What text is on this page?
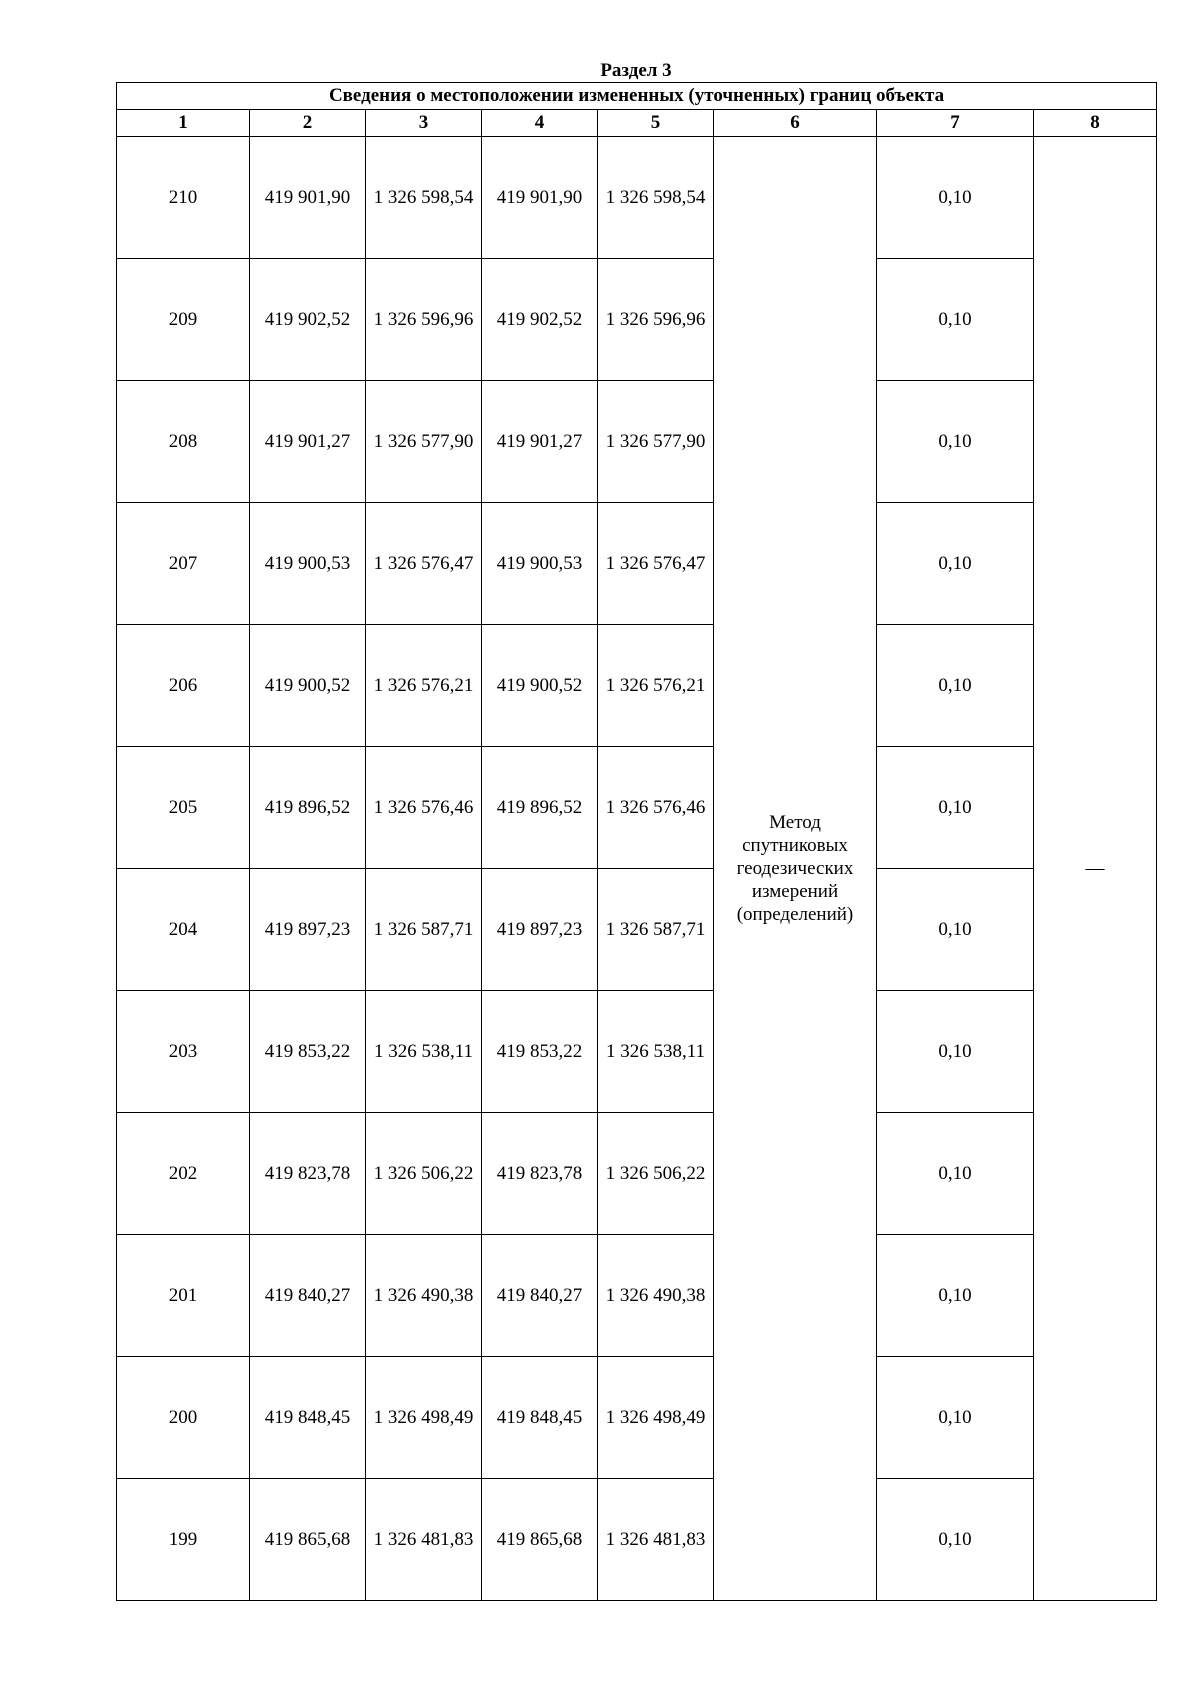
Раздел 3
Сведения о местоположении измененных (уточненных) границ объекта							
1	2	3	4	5	6	7	8
210	419 901,90	1 326 598,54	419 901,90	1 326 598,54	Метод
спутниковых
геодезических
измерений
(определений)	0,10	—
209	419 902,52	1 326 596,96	419 902,52	1 326 596,96		0,10	
208	419 901,27	1 326 577,90	419 901,27	1 326 577,90		0,10	
207	419 900,53	1 326 576,47	419 900,53	1 326 576,47		0,10	
206	419 900,52	1 326 576,21	419 900,52	1 326 576,21		0,10	
205	419 896,52	1 326 576,46	419 896,52	1 326 576,46		0,10	
204	419 897,23	1 326 587,71	419 897,23	1 326 587,71		0,10	
203	419 853,22	1 326 538,11	419 853,22	1 326 538,11		0,10	
202	419 823,78	1 326 506,22	419 823,78	1 326 506,22		0,10	
201	419 840,27	1 326 490,38	419 840,27	1 326 490,38		0,10	
200	419 848,45	1 326 498,49	419 848,45	1 326 498,49		0,10	
199	419 865,68	1 326 481,83	419 865,68	1 326 481,83		0,10	
